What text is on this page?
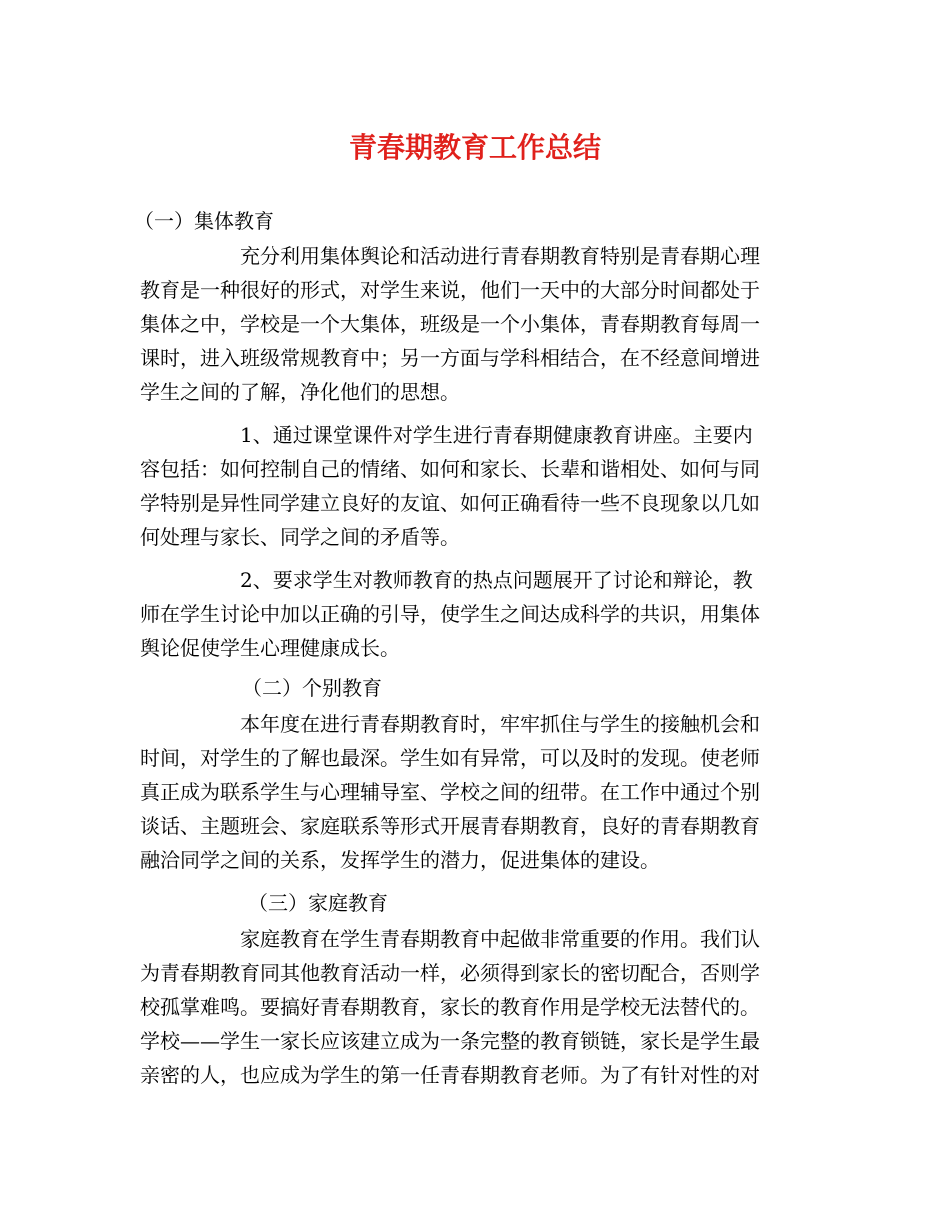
青春期教育工作总结
（一）集体教育
充分利用集体舆论和活动进行青春期教育特别是青春期心理
教育是一种很好的形式，对学生来说，他们一天中的大部分时间都处于
集体之中，学校是一个大集体，班级是一个小集体，青春期教育每周一
课时，进入班级常规教育中；另一方面与学科相结合，在不经意间增进
学生之间的了解，净化他们的思想。
1、通过课堂课件对学生进行青春期健康教育讲座。主要内
容包括：如何控制自己的情绪、如何和家长、长辈和谐相处、如何与同
学特别是异性同学建立良好的友谊、如何正确看待一些不良现象以几如
何处理与家长、同学之间的矛盾等。
2、要求学生对教师教育的热点问题展开了讨论和辩论，教
师在学生讨论中加以正确的引导，使学生之间达成科学的共识，用集体
舆论促使学生心理健康成长。
（二）个别教育
本年度在进行青春期教育时，牢牢抓住与学生的接触机会和
时间，对学生的了解也最深。学生如有异常，可以及时的发现。使老师
真正成为联系学生与心理辅导室、学校之间的纽带。在工作中通过个别
谈话、主题班会、家庭联系等形式开展青春期教育，良好的青春期教育
融洽同学之间的关系，发挥学生的潜力，促进集体的建设。
（三）家庭教育
家庭教育在学生青春期教育中起做非常重要的作用。我们认
为青春期教育同其他教育活动一样，必须得到家长的密切配合，否则学
校孤掌难鸣。要搞好青春期教育，家长的教育作用是学校无法替代的。
学校——学生一家长应该建立成为一条完整的教育锁链，家长是学生最
亲密的人，也应成为学生的第一任青春期教育老师。为了有针对性的对
